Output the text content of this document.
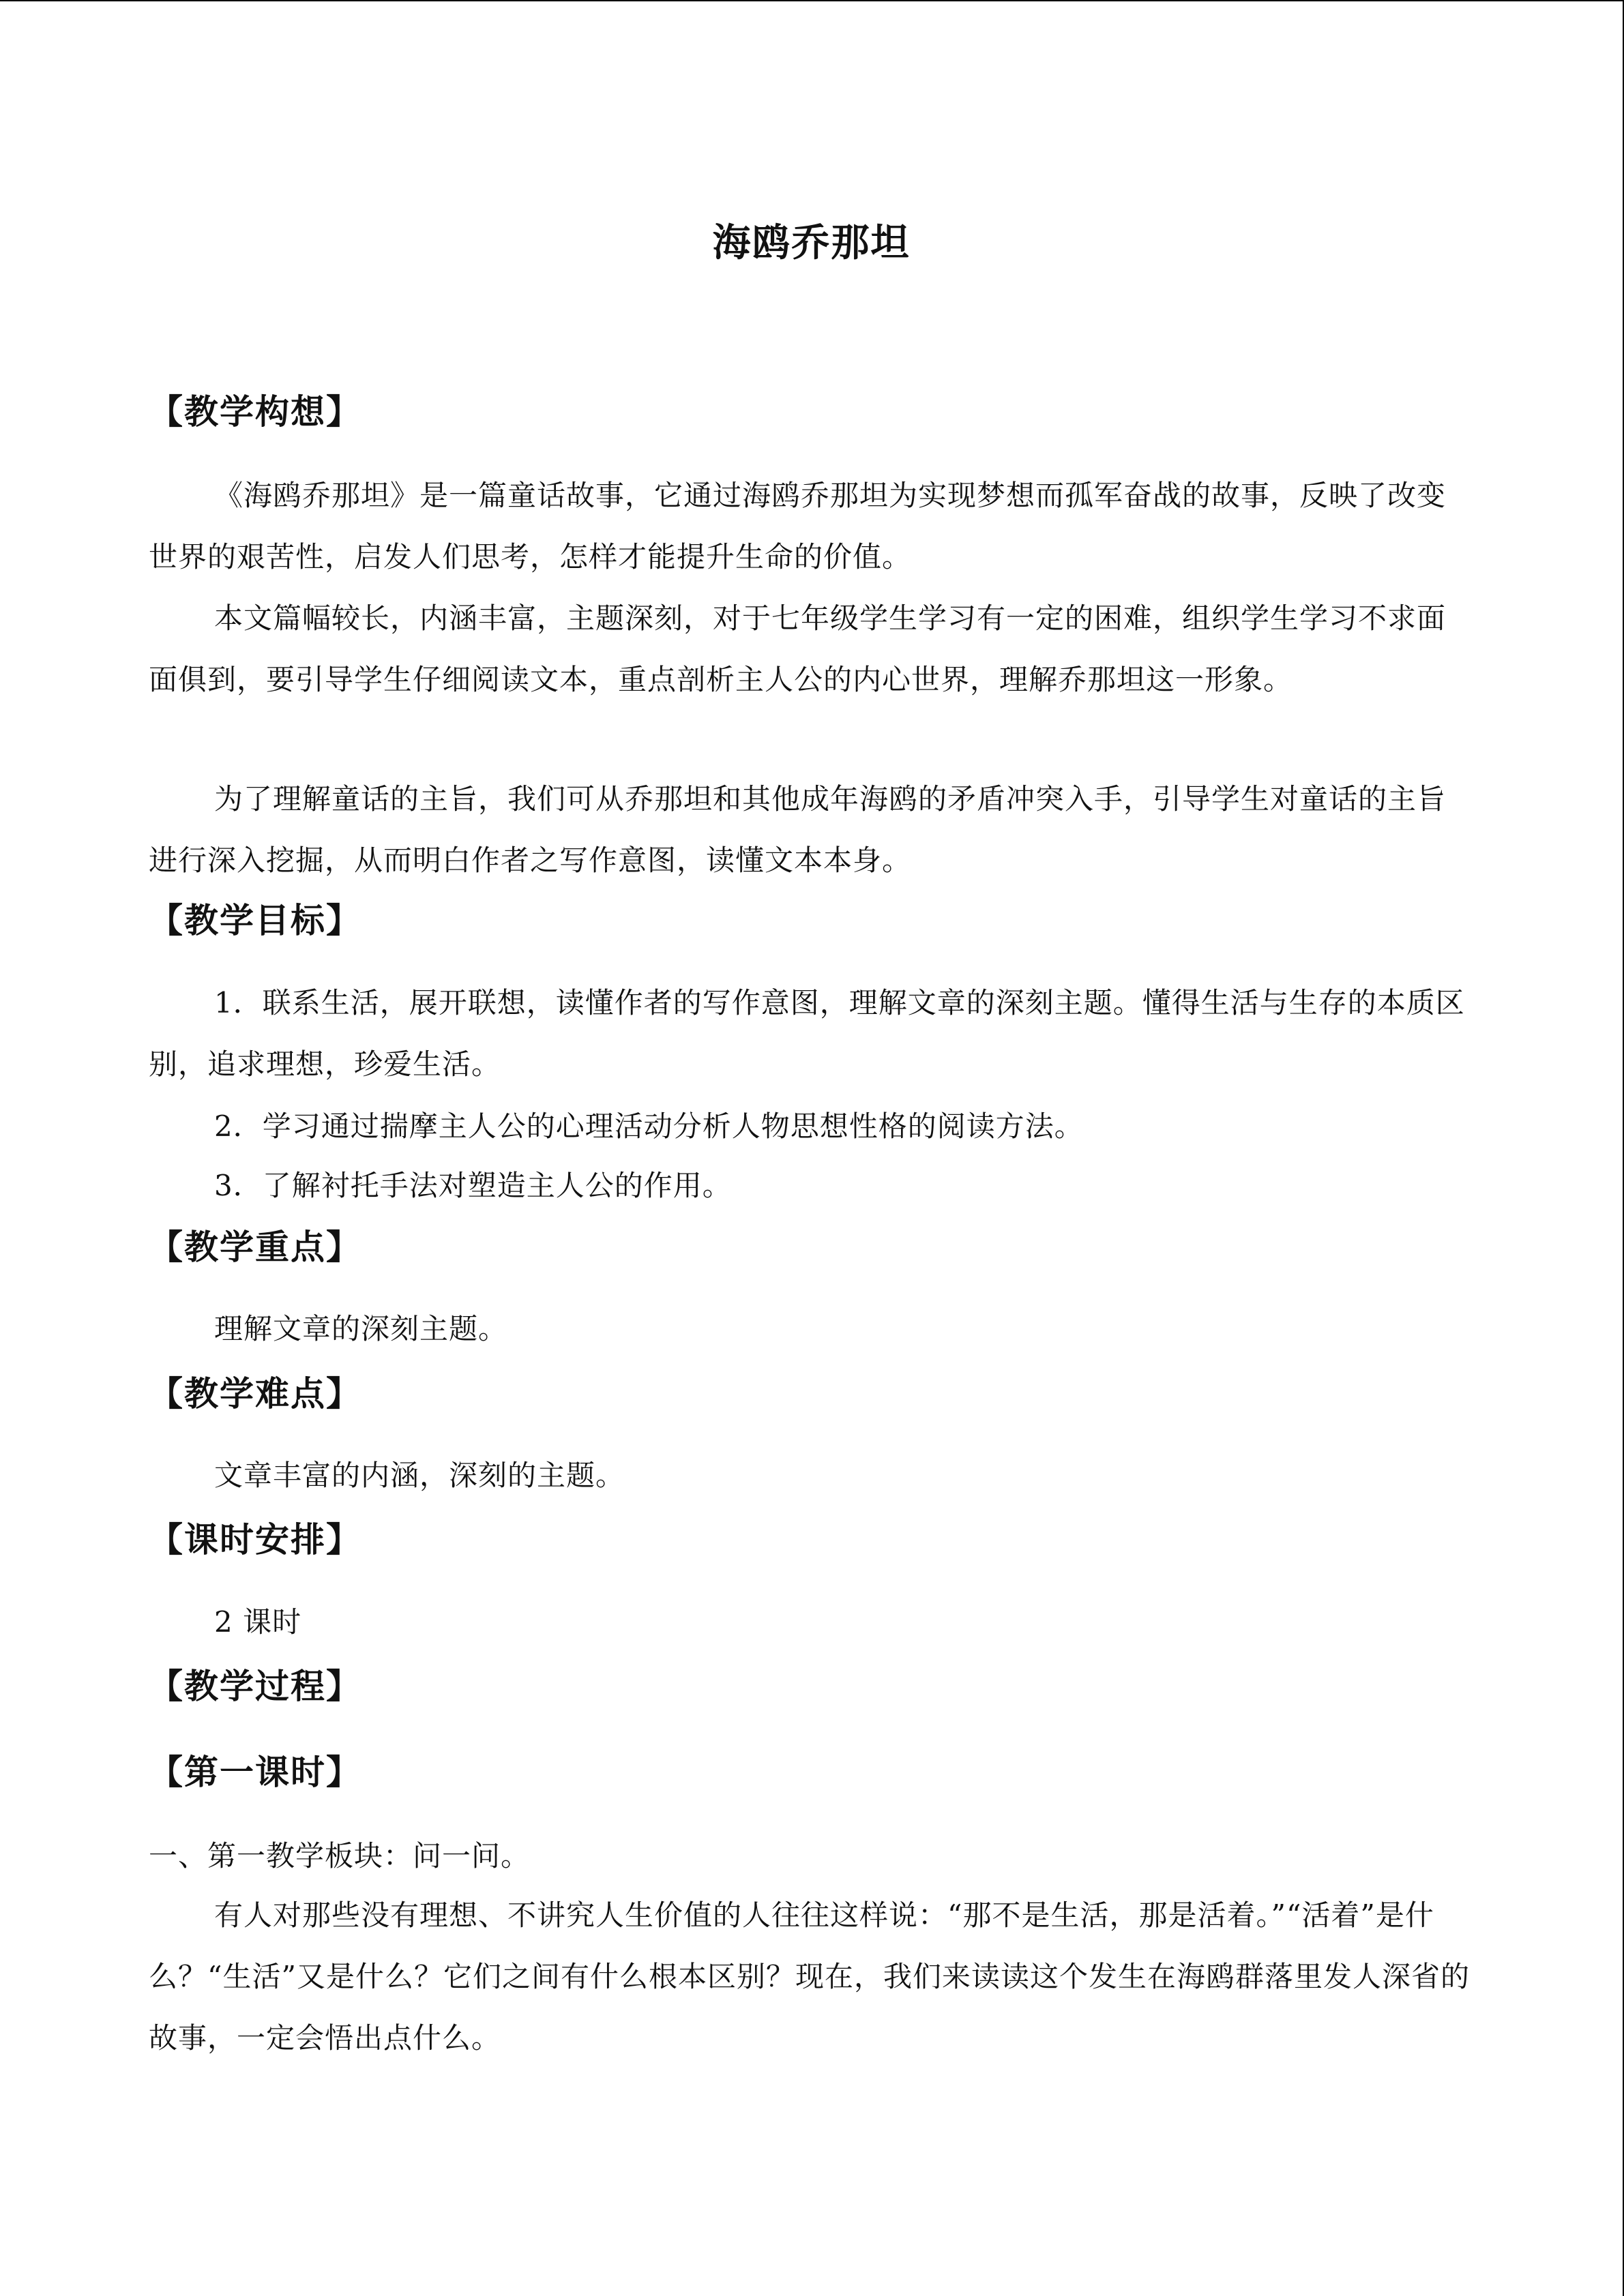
海鸥乔那坦
【教学构想】

《海鸥乔那坦》是一篇童话故事，它通过海鸥乔那坦为实现梦想而孤军奋战的故事，反映了改变世界的艰苦性，启发人们思考，怎样才能提升生命的价值。

本文篇幅较长，内涵丰富，主题深刻，对于七年级学生学习有一定的困难，组织学生学习不求面面俱到，要引导学生仔细阅读文本，重点剖析主人公的内心世界，理解乔那坦这一形象。

为了理解童话的主旨，我们可从乔那坦和其他成年海鸥的矛盾冲突入手，引导学生对童话的主旨进行深入挖掘，从而明白作者之写作意图，读懂文本本身。

【教学目标】

1．联系生活，展开联想，读懂作者的写作意图，理解文章的深刻主题。懂得生活与生存的本质区别，追求理想，珍爱生活。

2．学习通过揣摩主人公的心理活动分析人物思想性格的阅读方法。

3．了解衬托手法对塑造主人公的作用。

【教学重点】

理解文章的深刻主题。

【教学难点】

文章丰富的内涵，深刻的主题。

【课时安排】

2 课时

【教学过程】
【第一课时】

一、第一教学板块：问一问。

有人对那些没有理想、不讲究人生价值的人往往这样说：“那不是生活，那是活着。”“活着”是什么？“生活”又是什么？它们之间有什么根本区别？现在，我们来读读这个发生在海鸥群落里发人深省的故事，一定会悟出点什么。
